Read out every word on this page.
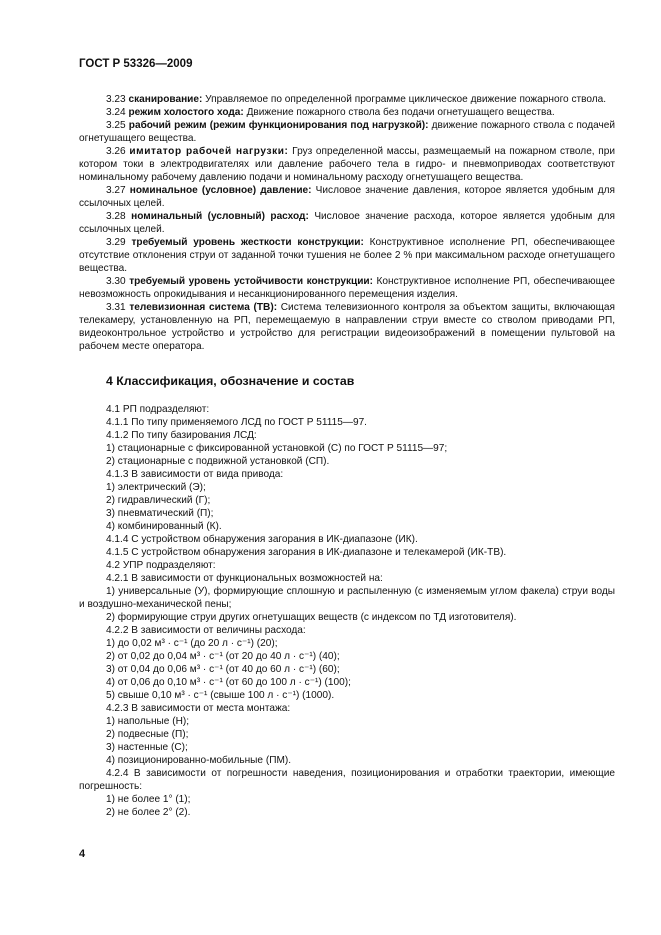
ГОСТ Р 53326—2009

3.23 сканирование: Управляемое по определенной программе циклическое движение пожарного ствола.

3.24 режим холостого хода: Движение пожарного ствола без подачи огнетушащего вещества.

3.25 рабочий режим (режим функционирования под нагрузкой): движение пожарного ствола с подачей огнетушащего вещества.

3.26 имитатор рабочей нагрузки: Груз определенной массы, размещаемый на пожарном стволе, при котором токи в электродвигателях или давление рабочего тела в гидро- и пневмоприводах соответствуют номинальному рабочему давлению подачи и номинальному расходу огнетушащего вещества.

3.27 номинальное (условное) давление: Числовое значение давления, которое является удобным для ссылочных целей.

3.28 номинальный (условный) расход: Числовое значение расхода, которое является удобным для ссылочных целей.

3.29 требуемый уровень жесткости конструкции: Конструктивное исполнение РП, обеспечивающее отсутствие отклонения струи от заданной точки тушения не более 2 % при максимальном расходе огнетушащего вещества.

3.30 требуемый уровень устойчивости конструкции: Конструктивное исполнение РП, обеспечивающее невозможность опрокидывания и несанкционированного перемещения изделия.

3.31 телевизионная система (ТВ): Система телевизионного контроля за объектом защиты, включающая телекамеру, установленную на РП, перемещаемую в направлении струи вместе со стволом приводами РП, видеоконтрольное устройство и устройство для регистрации видеоизображений в помещении пультовой на рабочем месте оператора.

4 Классификация, обозначение и состав

4.1 РП подразделяют:

4.1.1 По типу применяемого ЛСД по ГОСТ Р 51115—97.

4.1.2 По типу базирования ЛСД:

1) стационарные с фиксированной установкой (С) по ГОСТ Р 51115—97;

2) стационарные с подвижной установкой (СП).

4.1.3 В зависимости от вида привода:

1) электрический (Э);

2) гидравлический (Г);

3) пневматический (П);

4) комбинированный (К).

4.1.4 С устройством обнаружения загорания в ИК-диапазоне (ИК).

4.1.5 С устройством обнаружения загорания в ИК-диапазоне и телекамерой (ИК-ТВ).

4.2 УПР подразделяют:

4.2.1 В зависимости от функциональных возможностей на:

1) универсальные (У), формирующие сплошную и распыленную (с изменяемым углом факела) струи воды и воздушно-механической пены;

2) формирующие струи других огнетушащих веществ (с индексом по ТД изготовителя).

4.2.2 В зависимости от величины расхода:

1) до 0,02 м³ · с⁻¹ (до 20 л · с⁻¹) (20);

2) от 0,02 до 0,04 м³ · с⁻¹ (от 20 до 40 л · с⁻¹) (40);

3) от 0,04 до 0,06 м³ · с⁻¹ (от 40 до 60 л · с⁻¹) (60);

4) от 0,06 до 0,10 м³ · с⁻¹ (от 60 до 100 л · с⁻¹) (100);

5) свыше 0,10 м³ · с⁻¹ (свыше 100 л · с⁻¹) (1000).

4.2.3 В зависимости от места монтажа:

1) напольные (Н);

2) подвесные (П);

3) настенные (С);

4) позиционированно-мобильные (ПМ).

4.2.4 В зависимости от погрешности наведения, позиционирования и отработки траектории, имеющие погрешность:

1) не более 1° (1);

2) не более 2° (2).

4
